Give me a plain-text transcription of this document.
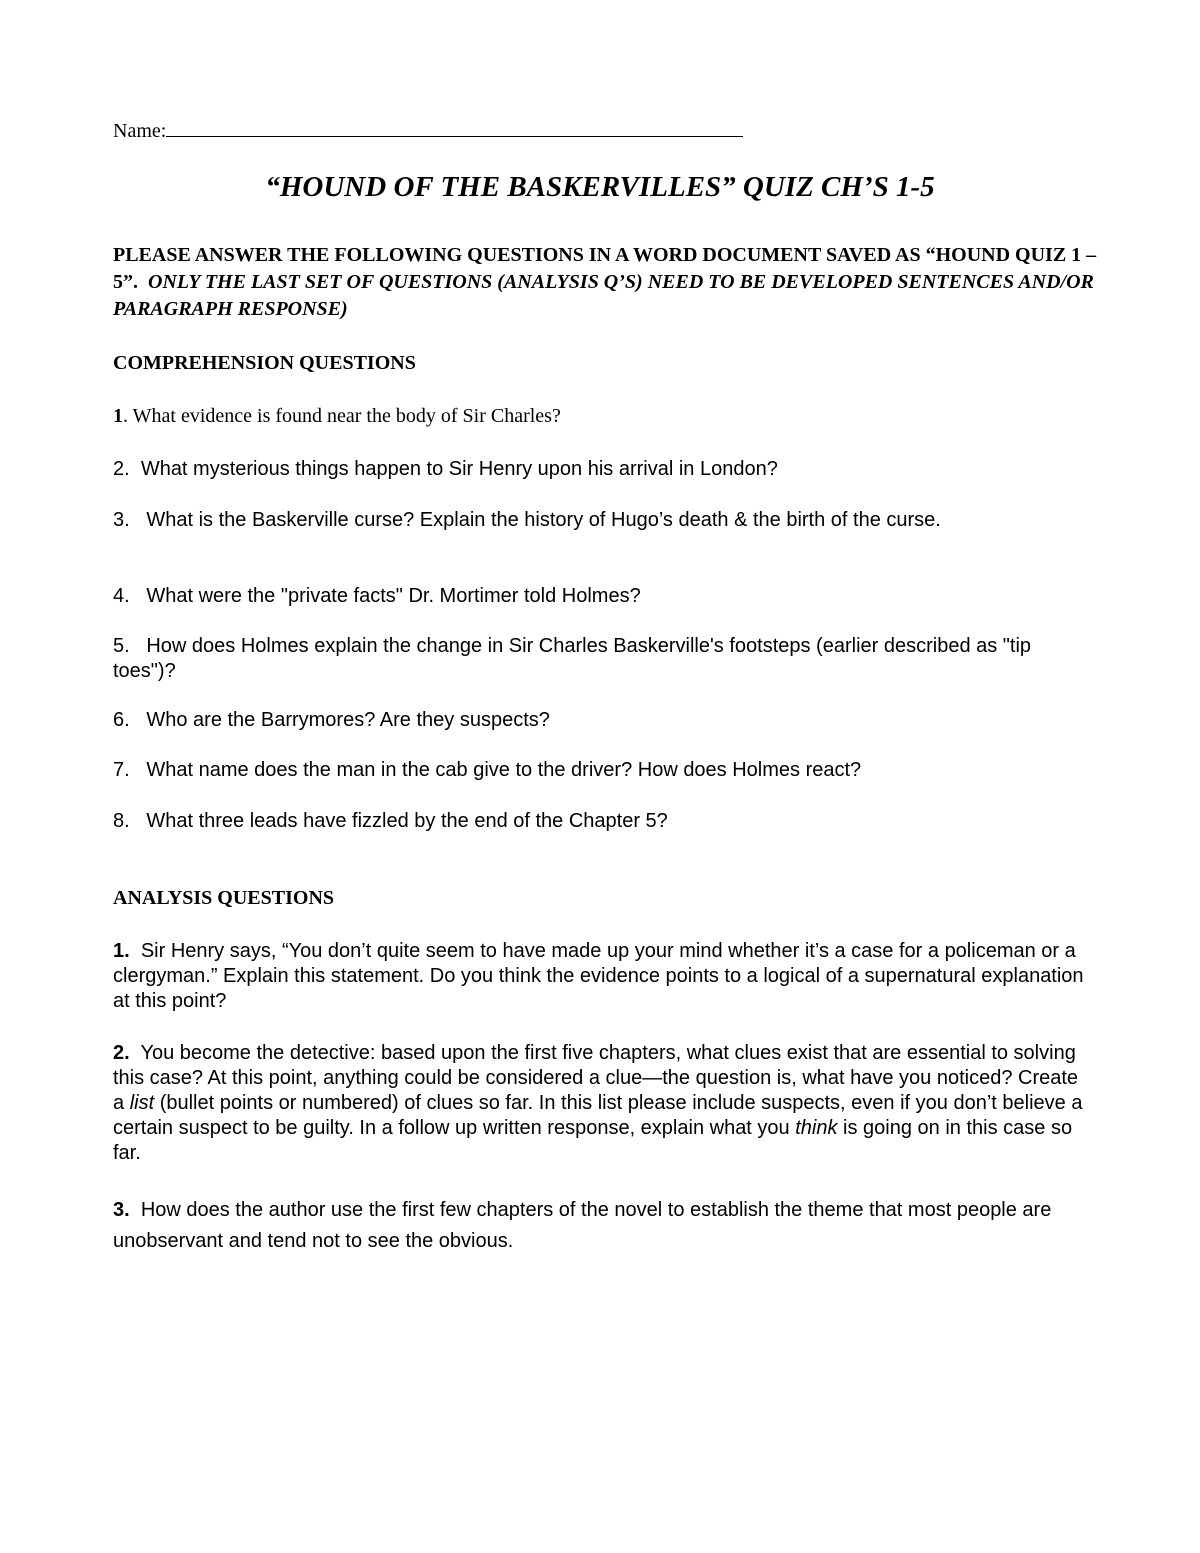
Name:
“HOUND OF THE BASKERVILLES” QUIZ CH’S 1-5
PLEASE ANSWER THE FOLLOWING QUESTIONS IN A WORD DOCUMENT SAVED AS “HOUND QUIZ 1 – 5”. ONLY THE LAST SET OF QUESTIONS (ANALYSIS Q’S) NEED TO BE DEVELOPED SENTENCES AND/OR PARAGRAPH RESPONSE)
COMPREHENSION QUESTIONS
1. What evidence is found near the body of Sir Charles?
2. What mysterious things happen to Sir Henry upon his arrival in London?
3. What is the Baskerville curse? Explain the history of Hugo’s death & the birth of the curse.
4. What were the "private facts" Dr. Mortimer told Holmes?
5. How does Holmes explain the change in Sir Charles Baskerville's footsteps (earlier described as "tip toes")?
6. Who are the Barrymores? Are they suspects?
7. What name does the man in the cab give to the driver? How does Holmes react?
8. What three leads have fizzled by the end of the Chapter 5?
ANALYSIS QUESTIONS
1. Sir Henry says, “You don’t quite seem to have made up your mind whether it’s a case for a policeman or a clergyman.” Explain this statement. Do you think the evidence points to a logical of a supernatural explanation at this point?
2. You become the detective: based upon the first five chapters, what clues exist that are essential to solving this case? At this point, anything could be considered a clue—the question is, what have you noticed? Create a list (bullet points or numbered) of clues so far. In this list please include suspects, even if you don’t believe a certain suspect to be guilty. In a follow up written response, explain what you think is going on in this case so far.
3. How does the author use the first few chapters of the novel to establish the theme that most people are unobservant and tend not to see the obvious.
